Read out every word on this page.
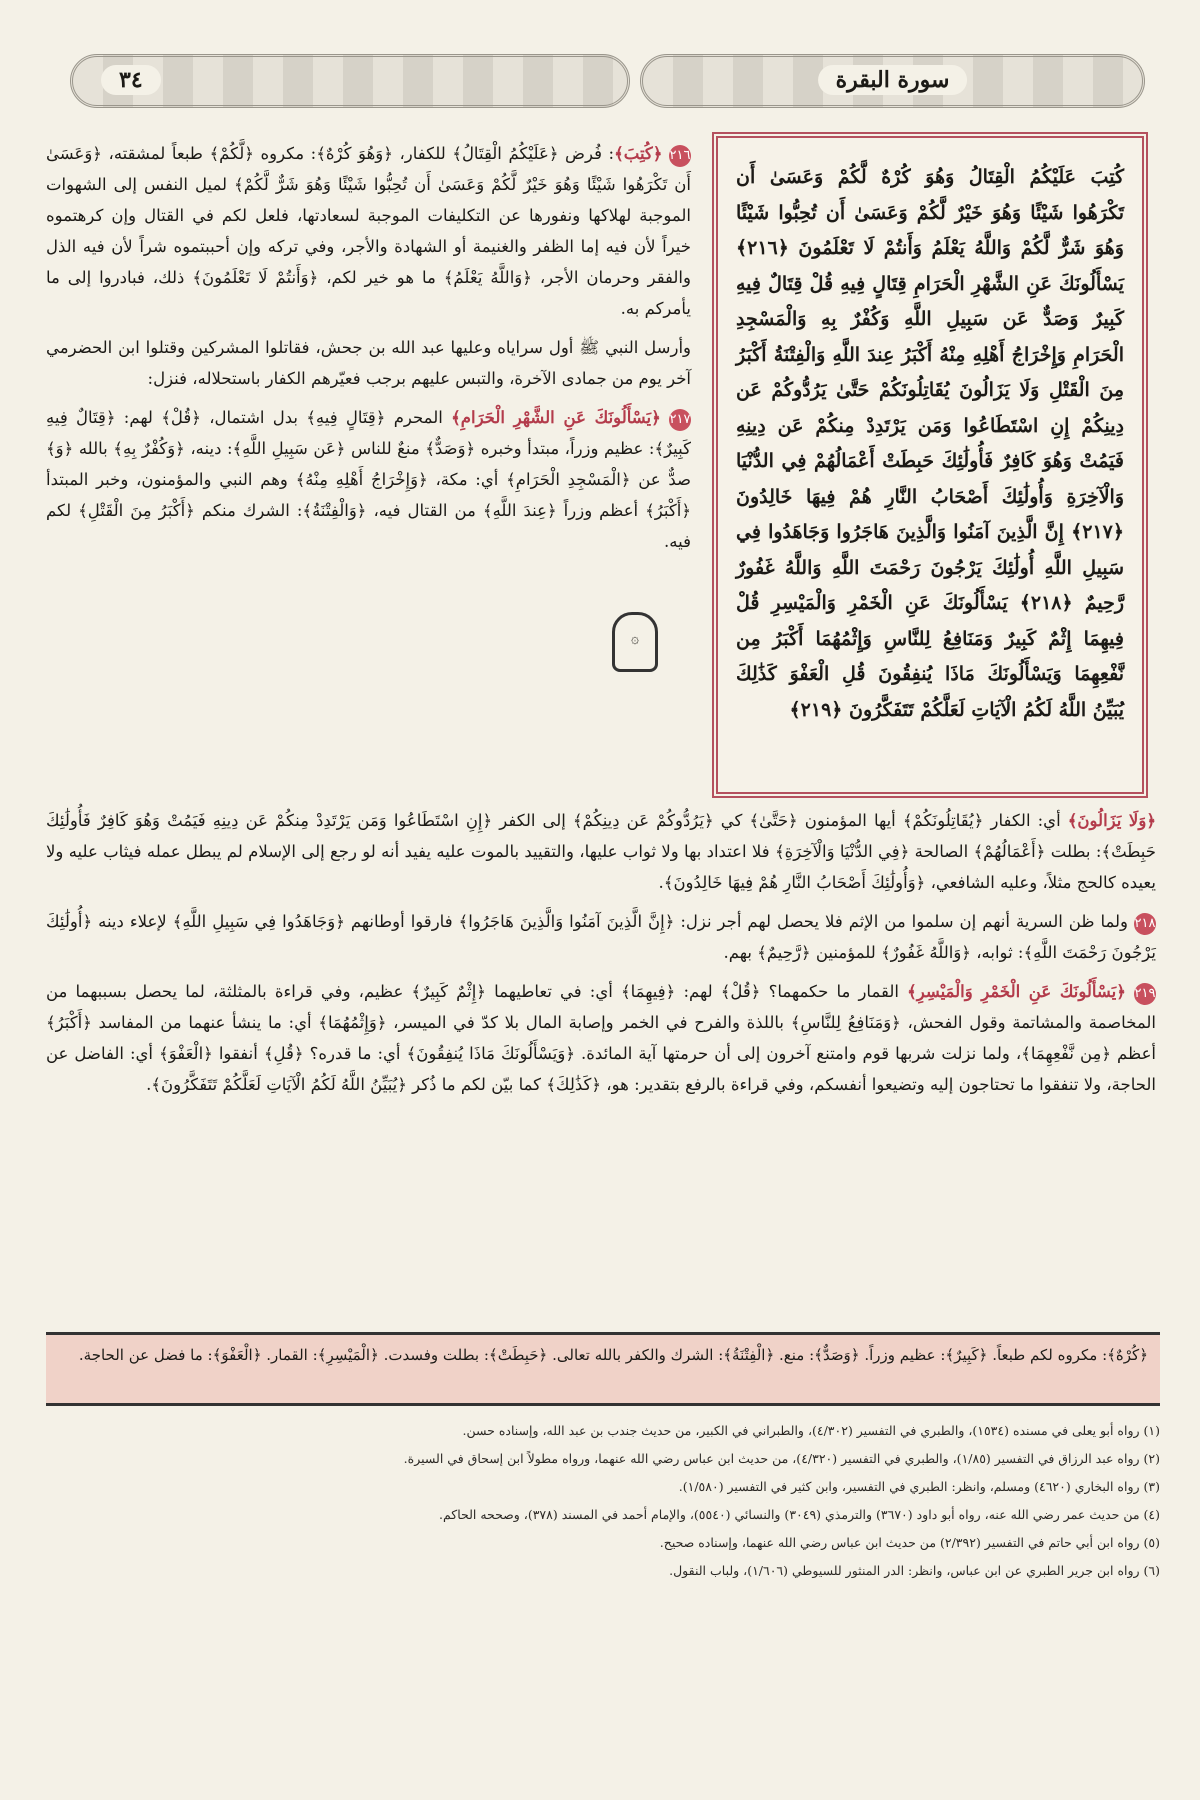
٣٤	سورة البقرة

كُتِبَ عَلَيْكُمُ الْقِتَالُ وَهُوَ كُرْهٌ لَّكُمْ وَعَسَىٰ أَن تَكْرَهُوا شَيْئًا وَهُوَ خَيْرٌ لَّكُمْ وَعَسَىٰ أَن تُحِبُّوا شَيْئًا وَهُوَ شَرٌّ لَّكُمْ وَاللَّهُ يَعْلَمُ وَأَنتُمْ لَا تَعْلَمُونَ ﴿٢١٦﴾ يَسْأَلُونَكَ عَنِ الشَّهْرِ الْحَرَامِ قِتَالٍ فِيهِ قُلْ قِتَالٌ فِيهِ كَبِيرٌ وَصَدٌّ عَن سَبِيلِ اللَّهِ وَكُفْرٌ بِهِ وَالْمَسْجِدِ الْحَرَامِ وَإِخْرَاجُ أَهْلِهِ مِنْهُ أَكْبَرُ عِندَ اللَّهِ وَالْفِتْنَةُ أَكْبَرُ مِنَ الْقَتْلِ وَلَا يَزَالُونَ يُقَاتِلُونَكُمْ حَتَّىٰ يَرُدُّوكُمْ عَن دِينِكُمْ إِنِ اسْتَطَاعُوا وَمَن يَرْتَدِدْ مِنكُمْ عَن دِينِهِ فَيَمُتْ وَهُوَ كَافِرٌ فَأُولَٰئِكَ حَبِطَتْ أَعْمَالُهُمْ فِي الدُّنْيَا وَالْآخِرَةِ وَأُولَٰئِكَ أَصْحَابُ النَّارِ هُمْ فِيهَا خَالِدُونَ ﴿٢١٧﴾ إِنَّ الَّذِينَ آمَنُوا وَالَّذِينَ هَاجَرُوا وَجَاهَدُوا فِي سَبِيلِ اللَّهِ أُولَٰئِكَ يَرْجُونَ رَحْمَتَ اللَّهِ وَاللَّهُ غَفُورٌ رَّحِيمٌ ﴿٢١٨﴾ يَسْأَلُونَكَ عَنِ الْخَمْرِ وَالْمَيْسِرِ قُلْ فِيهِمَا إِثْمٌ كَبِيرٌ وَمَنَافِعُ لِلنَّاسِ وَإِثْمُهُمَا أَكْبَرُ مِن نَّفْعِهِمَا وَيَسْأَلُونَكَ مَاذَا يُنفِقُونَ قُلِ الْعَفْوَ كَذَٰلِكَ يُبَيِّنُ اللَّهُ لَكُمُ الْآيَاتِ لَعَلَّكُمْ تَتَفَكَّرُونَ ﴿٢١٩﴾

٢١٦ ﴿كُتِبَ﴾: فُرض ﴿عَلَيْكُمُ الْقِتَالُ﴾ للكفار، ﴿وَهُوَ كُرْهٌ﴾: مكروه ﴿لَّكُمْ﴾ طبعاً لمشقته، ﴿وَعَسَىٰ أَن تَكْرَهُوا شَيْئًا وَهُوَ خَيْرٌ لَّكُمْ وَعَسَىٰ أَن تُحِبُّوا شَيْئًا وَهُوَ شَرٌّ لَّكُمْ﴾ لميل النفس إلى الشهوات الموجبة لهلاكها ونفورها عن التكليفات الموجبة لسعادتها، فلعل لكم في القتال وإن كرهتموه خيراً لأن فيه إما الظفر والغنيمة أو الشهادة والأجر، وفي تركه وإن أحببتموه شراً لأن فيه الذل والفقر وحرمان الأجر، ﴿وَاللَّهُ يَعْلَمُ﴾ ما هو خير لكم، ﴿وَأَنتُمْ لَا تَعْلَمُونَ﴾ ذلك، فبادروا إلى ما يأمركم به.

وأرسل النبي ﷺ أول سراياه وعليها عبد الله بن جحش، فقاتلوا المشركين وقتلوا ابن الحضرمي آخر يوم من جمادى الآخرة، والتبس عليهم برجب فعيّرهم الكفار باستحلاله، فنزل:

٢١٧ ﴿يَسْأَلُونَكَ عَنِ الشَّهْرِ الْحَرَامِ﴾ المحرم ﴿قِتَالٍ فِيهِ﴾ بدل اشتمال، ﴿قُلْ﴾ لهم: ﴿قِتَالٌ فِيهِ كَبِيرٌ﴾: عظيم وزراً، مبتدأ وخبره ﴿وَصَدٌّ﴾ منعٌ للناس ﴿عَن سَبِيلِ اللَّهِ﴾: دينه، ﴿وَكُفْرٌ بِهِ﴾ بالله ﴿وَ﴾ صدٌّ عن ﴿الْمَسْجِدِ الْحَرَامِ﴾ أي: مكة، ﴿وَإِخْرَاجُ أَهْلِهِ مِنْهُ﴾ وهم النبي والمؤمنون، وخبر المبتدأ ﴿أَكْبَرُ﴾ أعظم وزراً ﴿عِندَ اللَّهِ﴾ من القتال فيه، ﴿وَالْفِتْنَةُ﴾: الشرك منكم ﴿أَكْبَرُ مِنَ الْقَتْلِ﴾ لكم فيه.

۞

﴿وَلَا يَزَالُونَ﴾ أي: الكفار ﴿يُقَاتِلُونَكُمْ﴾ أيها المؤمنون ﴿حَتَّىٰ﴾ كي ﴿يَرُدُّوكُمْ عَن دِينِكُمْ﴾ إلى الكفر ﴿إِنِ اسْتَطَاعُوا وَمَن يَرْتَدِدْ مِنكُمْ عَن دِينِهِ فَيَمُتْ وَهُوَ كَافِرٌ فَأُولَٰئِكَ حَبِطَتْ﴾: بطلت ﴿أَعْمَالُهُمْ﴾ الصالحة ﴿فِي الدُّنْيَا وَالْآخِرَةِ﴾ فلا اعتداد بها ولا ثواب عليها، والتقييد بالموت عليه يفيد أنه لو رجع إلى الإسلام لم يبطل عمله فيثاب عليه ولا يعيده كالحج مثلاً، وعليه الشافعي، ﴿وَأُولَٰئِكَ أَصْحَابُ النَّارِ هُمْ فِيهَا خَالِدُونَ﴾.

٢١٨ ولما ظن السرية أنهم إن سلموا من الإثم فلا يحصل لهم أجر نزل: ﴿إِنَّ الَّذِينَ آمَنُوا وَالَّذِينَ هَاجَرُوا﴾ فارقوا أوطانهم ﴿وَجَاهَدُوا فِي سَبِيلِ اللَّهِ﴾ لإعلاء دينه ﴿أُولَٰئِكَ يَرْجُونَ رَحْمَتَ اللَّهِ﴾: ثوابه، ﴿وَاللَّهُ غَفُورٌ﴾ للمؤمنين ﴿رَّحِيمٌ﴾ بهم.

٢١٩ ﴿يَسْأَلُونَكَ عَنِ الْخَمْرِ وَالْمَيْسِرِ﴾ القمار ما حكمهما؟ ﴿قُلْ﴾ لهم: ﴿فِيهِمَا﴾ أي: في تعاطيهما ﴿إِثْمٌ كَبِيرٌ﴾ عظيم، وفي قراءة بالمثلثة، لما يحصل بسببهما من المخاصمة والمشاتمة وقول الفحش، ﴿وَمَنَافِعُ لِلنَّاسِ﴾ باللذة والفرح في الخمر وإصابة المال بلا كدّ في الميسر، ﴿وَإِثْمُهُمَا﴾ أي: ما ينشأ عنهما من المفاسد ﴿أَكْبَرُ﴾ أعظم ﴿مِن نَّفْعِهِمَا﴾، ولما نزلت شربها قوم وامتنع آخرون إلى أن حرمتها آية المائدة. ﴿وَيَسْأَلُونَكَ مَاذَا يُنفِقُونَ﴾ أي: ما قدره؟ ﴿قُلِ﴾ أنفقوا ﴿الْعَفْوَ﴾ أي: الفاضل عن الحاجة، ولا تنفقوا ما تحتاجون إليه وتضيعوا أنفسكم، وفي قراءة بالرفع بتقدير: هو، ﴿كَذَٰلِكَ﴾ كما بيّن لكم ما ذُكر ﴿يُبَيِّنُ اللَّهُ لَكُمُ الْآيَاتِ لَعَلَّكُمْ تَتَفَكَّرُونَ﴾.

﴿كُرْهٌ﴾: مكروه لكم طبعاً. ﴿كَبِيرٌ﴾: عظيم وزراً. ﴿وَصَدٌّ﴾: منع. ﴿الْفِتْنَةُ﴾: الشرك والكفر بالله تعالى. ﴿حَبِطَتْ﴾: بطلت وفسدت. ﴿الْمَيْسِرِ﴾: القمار. ﴿الْعَفْوَ﴾: ما فضل عن الحاجة.
(١) رواه أبو يعلى في مسنده (١٥٣٤)، والطبري في التفسير (٤/٣٠٢)، والطبراني في الكبير، من حديث جندب بن عبد الله، وإسناده حسن.
(٢) رواه عبد الرزاق في التفسير (١/٨٥)، والطبري في التفسير (٤/٣٢٠)، من حديث ابن عباس رضي الله عنهما، ورواه مطولاً ابن إسحاق في السيرة.
(٣) رواه البخاري (٤٦٢٠) ومسلم، وانظر: الطبري في التفسير، وابن كثير في التفسير (١/٥٨٠).
(٤) من حديث عمر رضي الله عنه، رواه أبو داود (٣٦٧٠) والترمذي (٣٠٤٩) والنسائي (٥٥٤٠)، والإمام أحمد في المسند (٣٧٨)، وصححه الحاكم.
(٥) رواه ابن أبي حاتم في التفسير (٢/٣٩٢) من حديث ابن عباس رضي الله عنهما، وإسناده صحيح.
(٦) رواه ابن جرير الطبري عن ابن عباس، وانظر: الدر المنثور للسيوطي (١/٦٠٦)، ولباب النقول.
